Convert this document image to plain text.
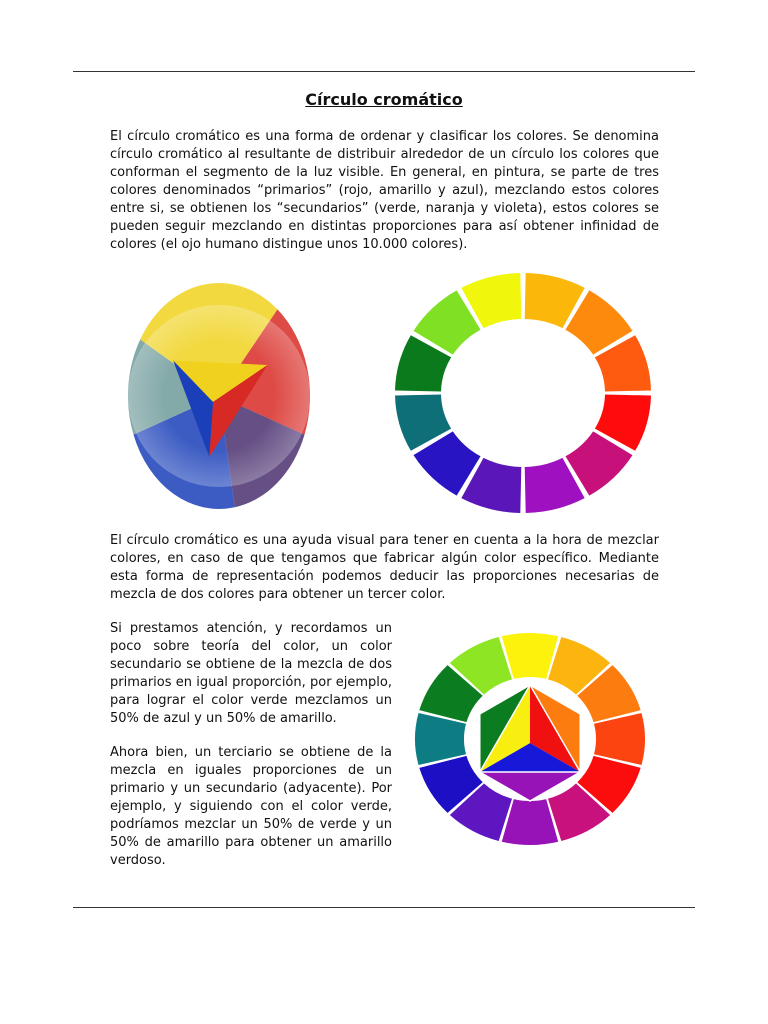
Círculo cromático

El círculo cromático es una forma de ordenar y clasificar los colores. Se denomina círculo cromático al resultante de distribuir alrededor de un círculo los colores que conforman el segmento de la luz visible. En general, en pintura, se parte de tres colores denominados “primarios” (rojo, amarillo y azul), mezclando estos colores entre si, se obtienen los “secundarios” (verde, naranja y violeta), estos colores se pueden seguir mezclando en distintas proporciones para así obtener infinidad de colores (el ojo humano distingue unos 10.000 colores).

El círculo cromático es una ayuda visual para tener en cuenta a la hora de mezclar colores, en caso de que tengamos que fabricar algún color específico. Mediante esta forma de representación podemos deducir las proporciones necesarias de mezcla de dos colores para obtener un tercer color.

Si prestamos atención, y recordamos un poco sobre teoría del color, un color secundario se obtiene de la mezcla de dos primarios en igual proporción, por ejemplo, para lograr el color verde mezclamos un 50% de azul y un 50% de amarillo.

Ahora bien, un terciario se obtiene de la mezcla en iguales proporciones de un primario y un secundario (adyacente). Por ejemplo, y siguiendo con el color verde, podríamos mezclar un 50% de verde y un 50% de amarillo para obtener un amarillo verdoso.
